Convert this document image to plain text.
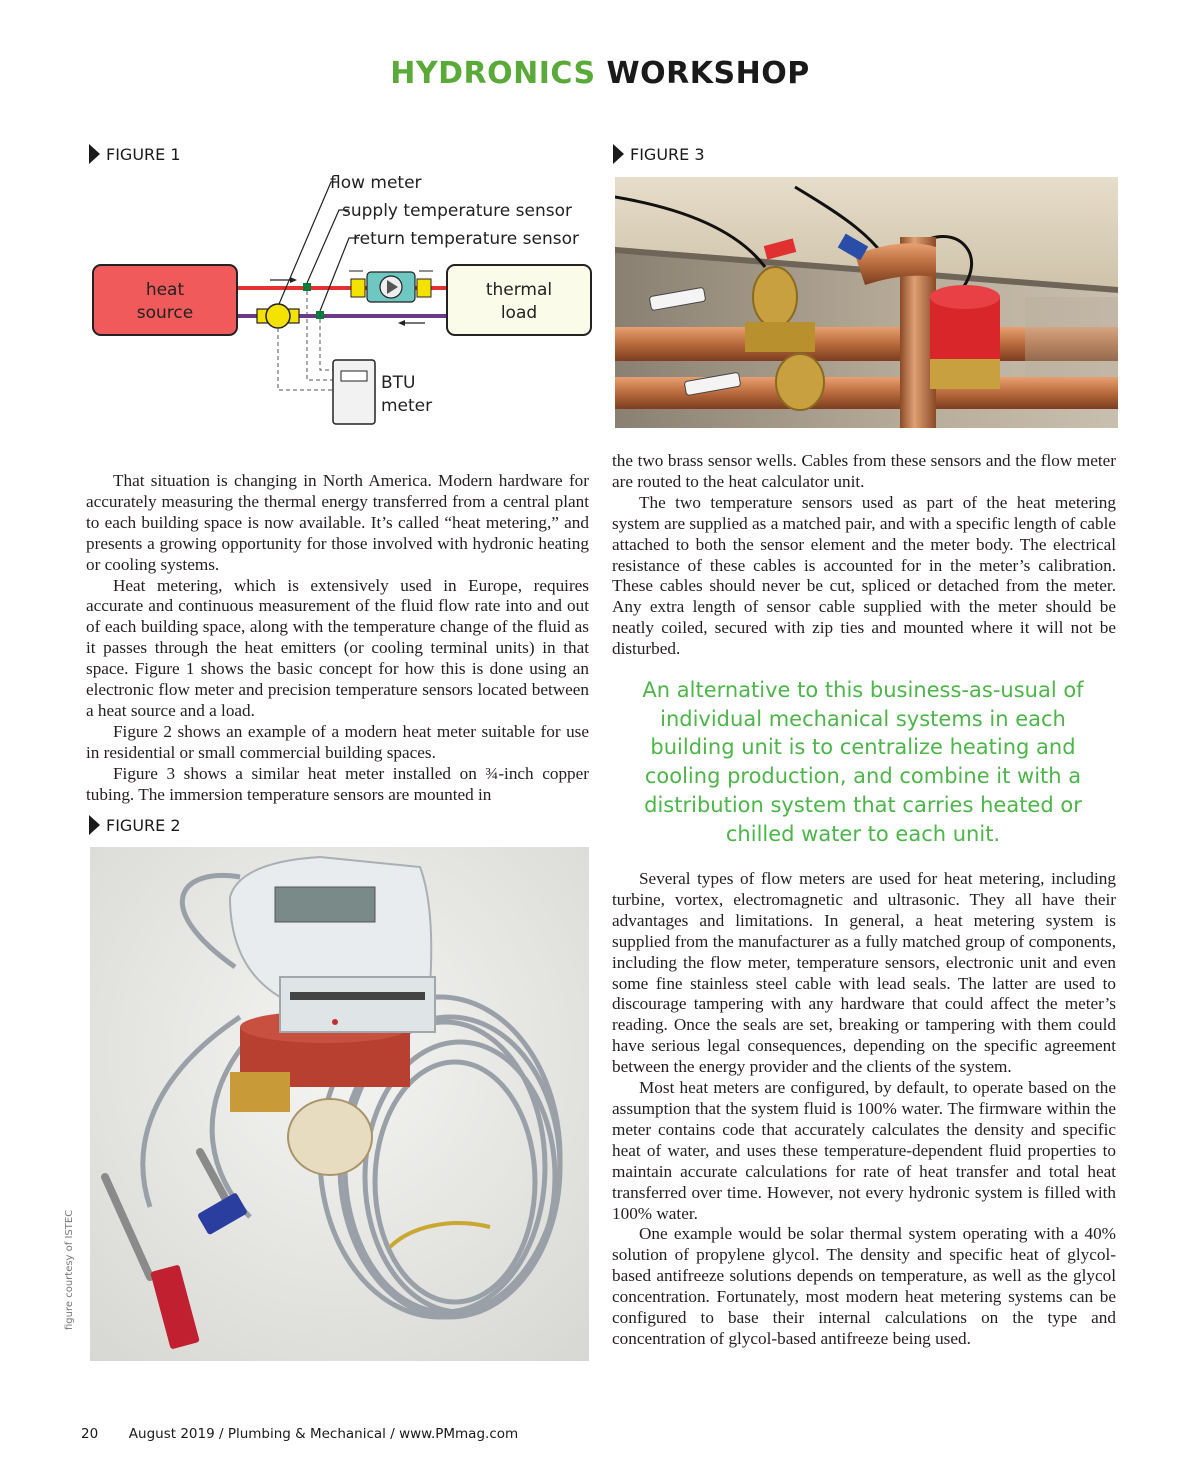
HYDRONICS WORKSHOP
FIGURE 1
heat
source
thermal
load
flow meter
supply temperature sensor
return temperature sensor
BTU
meter
FIGURE 3

That situation is changing in North America. Modern hardware for accurately measuring the thermal energy transferred from a central plant to each building space is now available. It’s called “heat metering,” and presents a growing opportunity for those involved with hydronic heating or cooling systems.

Heat metering, which is extensively used in Europe, requires accurate and continuous measurement of the fluid flow rate into and out of each building space, along with the temperature change of the fluid as it passes through the heat emitters (or cooling terminal units) in that space. Figure 1 shows the basic concept for how this is done using an electronic flow meter and precision temperature sensors located between a heat source and a load.

Figure 2 shows an example of a modern heat meter suitable for use in residential or small commercial building spaces.

Figure 3 shows a similar heat meter installed on ¾-inch copper tubing. The immersion temperature sensors are mounted in

FIGURE 2
figure courtesy of ISTEC

the two brass sensor wells. Cables from these sensors and the flow meter are routed to the heat calculator unit.

The two temperature sensors used as part of the heat metering system are supplied as a matched pair, and with a specific length of cable attached to both the sensor element and the meter body. The electrical resistance of these cables is accounted for in the meter’s calibration. These cables should never be cut, spliced or detached from the meter. Any extra length of sensor cable supplied with the meter should be neatly coiled, secured with zip ties and mounted where it will not be disturbed.

An alternative to this business-as-usual of individual mechanical systems in each building unit is to centralize heating and cooling production, and combine it with a distribution system that carries heated or chilled water to each unit.

Several types of flow meters are used for heat metering, including turbine, vortex, electromagnetic and ultrasonic. They all have their advantages and limitations. In general, a heat metering system is supplied from the manufacturer as a fully matched group of components, including the flow meter, temperature sensors, electronic unit and even some fine stainless steel cable with lead seals. The latter are used to discourage tampering with any hardware that could affect the meter’s reading. Once the seals are set, breaking or tampering with them could have serious legal consequences, depending on the specific agreement between the energy provider and the clients of the system.

Most heat meters are configured, by default, to operate based on the assumption that the system fluid is 100% water. The firmware within the meter contains code that accurately calculates the density and specific heat of water, and uses these temperature-dependent fluid properties to maintain accurate calculations for rate of heat transfer and total heat transferred over time. However, not every hydronic system is filled with 100% water.

One example would be solar thermal system operating with a 40% solution of propylene glycol. The density and specific heat of glycol-based antifreeze solutions depends on temperature, as well as the glycol concentration. Fortunately, most modern heat metering systems can be configured to base their internal calculations on the type and concentration of glycol-based antifreeze being used.

20 August 2019 / Plumbing & Mechanical / www.PMmag.com
